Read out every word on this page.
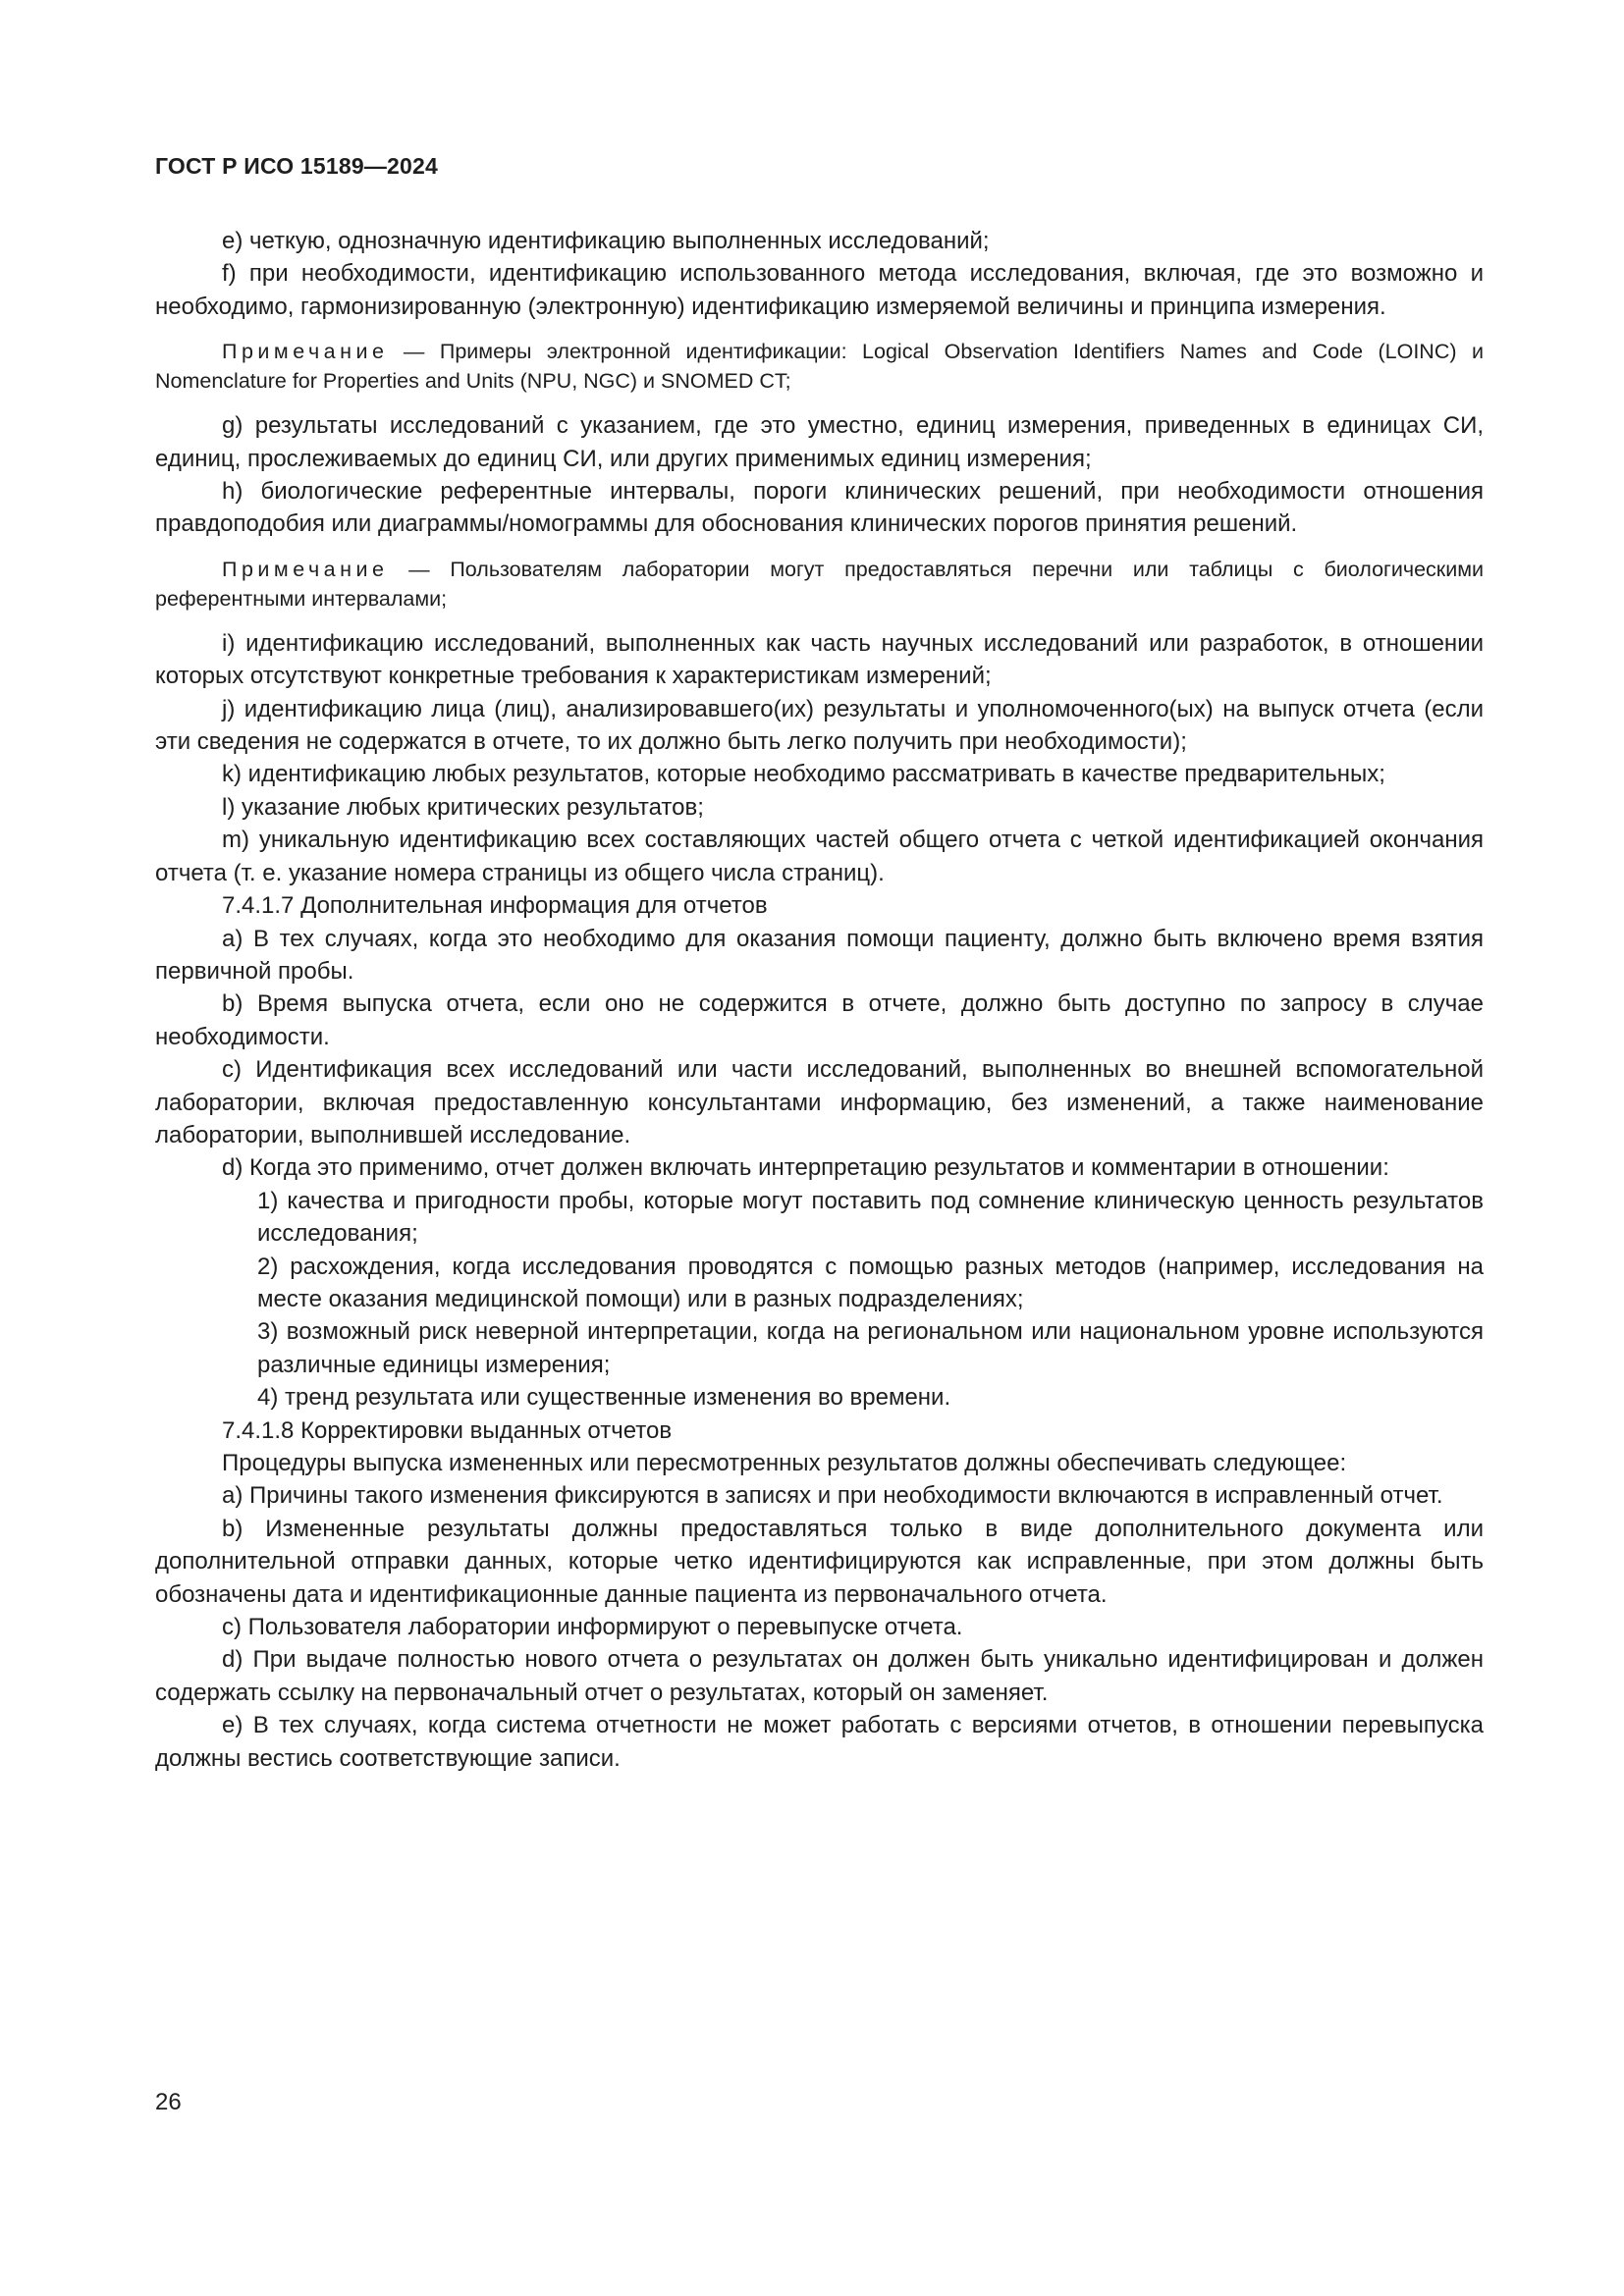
ГОСТ Р ИСО 15189—2024

e) четкую, однозначную идентификацию выполненных исследований;

f) при необходимости, идентификацию использованного метода исследования, включая, где это возможно и необходимо, гармонизированную (электронную) идентификацию измеряемой величины и принципа измерения.

Примечание — Примеры электронной идентификации: Logical Observation Identifiers Names and Code (LOINC) и Nomenclature for Properties and Units (NPU, NGC) и SNOMED CT;

g) результаты исследований с указанием, где это уместно, единиц измерения, приведенных в единицах СИ, единиц, прослеживаемых до единиц СИ, или других применимых единиц измерения;

h) биологические референтные интервалы, пороги клинических решений, при необходимости отношения правдоподобия или диаграммы/номограммы для обоснования клинических порогов принятия решений.

Примечание — Пользователям лаборатории могут предоставляться перечни или таблицы с биологическими референтными интервалами;

i) идентификацию исследований, выполненных как часть научных исследований или разработок, в отношении которых отсутствуют конкретные требования к характеристикам измерений;

j) идентификацию лица (лиц), анализировавшего(их) результаты и уполномоченного(ых) на выпуск отчета (если эти сведения не содержатся в отчете, то их должно быть легко получить при необходимости);

k) идентификацию любых результатов, которые необходимо рассматривать в качестве предварительных;

l) указание любых критических результатов;

m) уникальную идентификацию всех составляющих частей общего отчета с четкой идентификацией окончания отчета (т. е. указание номера страницы из общего числа страниц).

7.4.1.7 Дополнительная информация для отчетов

a) В тех случаях, когда это необходимо для оказания помощи пациенту, должно быть включено время взятия первичной пробы.

b) Время выпуска отчета, если оно не содержится в отчете, должно быть доступно по запросу в случае необходимости.

c) Идентификация всех исследований или части исследований, выполненных во внешней вспомогательной лаборатории, включая предоставленную консультантами информацию, без изменений, а также наименование лаборатории, выполнившей исследование.

d) Когда это применимо, отчет должен включать интерпретацию результатов и комментарии в отношении:

1) качества и пригодности пробы, которые могут поставить под сомнение клиническую ценность результатов исследования;

2) расхождения, когда исследования проводятся с помощью разных методов (например, исследования на месте оказания медицинской помощи) или в разных подразделениях;

3) возможный риск неверной интерпретации, когда на региональном или национальном уровне используются различные единицы измерения;

4) тренд результата или существенные изменения во времени.

7.4.1.8 Корректировки выданных отчетов

Процедуры выпуска измененных или пересмотренных результатов должны обеспечивать следующее:

a) Причины такого изменения фиксируются в записях и при необходимости включаются в исправленный отчет.

b) Измененные результаты должны предоставляться только в виде дополнительного документа или дополнительной отправки данных, которые четко идентифицируются как исправленные, при этом должны быть обозначены дата и идентификационные данные пациента из первоначального отчета.

c) Пользователя лаборатории информируют о перевыпуске отчета.

d) При выдаче полностью нового отчета о результатах он должен быть уникально идентифицирован и должен содержать ссылку на первоначальный отчет о результатах, который он заменяет.

e) В тех случаях, когда система отчетности не может работать с версиями отчетов, в отношении перевыпуска должны вестись соответствующие записи.

26
